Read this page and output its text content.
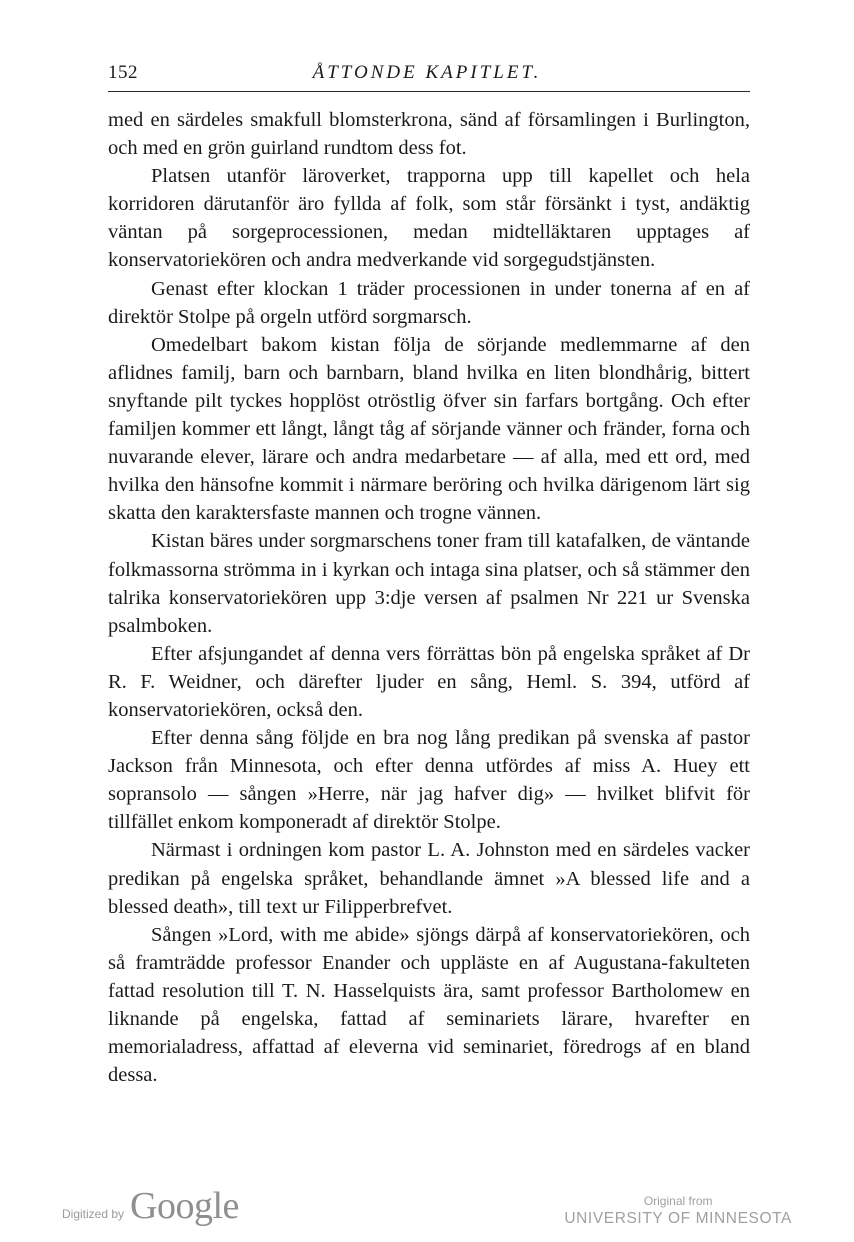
152	ÅTTONDE KAPITLET.

med en särdeles smakfull blomsterkrona, sänd af församlingen i Burlington, och med en grön guirland rundtom dess fot.

Platsen utanför läroverket, trapporna upp till kapellet och hela korridoren därutanför äro fyllda af folk, som står försänkt i tyst, andäktig väntan på sorgeprocessionen, medan midtelläktaren upptages af konservatoriekören och andra medverkande vid sorgegudstjänsten.

Genast efter klockan 1 träder processionen in under tonerna af en af direktör Stolpe på orgeln utförd sorgmarsch.

Omedelbart bakom kistan följa de sörjande medlemmarne af den aflidnes familj, barn och barnbarn, bland hvilka en liten blondhårig, bittert snyftande pilt tyckes hopplöst otröstlig öfver sin farfars bortgång. Och efter familjen kommer ett långt, långt tåg af sörjande vänner och fränder, forna och nuvarande elever, lärare och andra medarbetare — af alla, med ett ord, med hvilka den hänsofne kommit i närmare beröring och hvilka därigenom lärt sig skatta den karaktersfaste mannen och trogne vännen.

Kistan bäres under sorgmarschens toner fram till katafalken, de väntande folkmassorna strömma in i kyrkan och intaga sina platser, och så stämmer den talrika konservatoriekören upp 3:dje versen af psalmen Nr 221 ur Svenska psalmboken.

Efter afsjungandet af denna vers förrättas bön på engelska språket af Dr R. F. Weidner, och därefter ljuder en sång, Heml. S. 394, utförd af konservatoriekören, också den.

Efter denna sång följde en bra nog lång predikan på svenska af pastor Jackson från Minnesota, och efter denna utfördes af miss A. Huey ett sopransolo — sången »Herre, när jag hafver dig» — hvilket blifvit för tillfället enkom komponeradt af direktör Stolpe.

Närmast i ordningen kom pastor L. A. Johnston med en särdeles vacker predikan på engelska språket, behandlande ämnet »A blessed life and a blessed death», till text ur Filipperbrefvet.

Sången »Lord, with me abide» sjöngs därpå af konservatoriekören, och så framträdde professor Enander och uppläste en af Augustana-fakulteten fattad resolution till T. N. Hasselquists ära, samt professor Bartholomew en liknande på engelska, fattad af seminariets lärare, hvarefter en memorialadress, affattad af eleverna vid seminariet, föredrogs af en bland dessa.

Digitized by Google	Original from
UNIVERSITY OF MINNESOTA
